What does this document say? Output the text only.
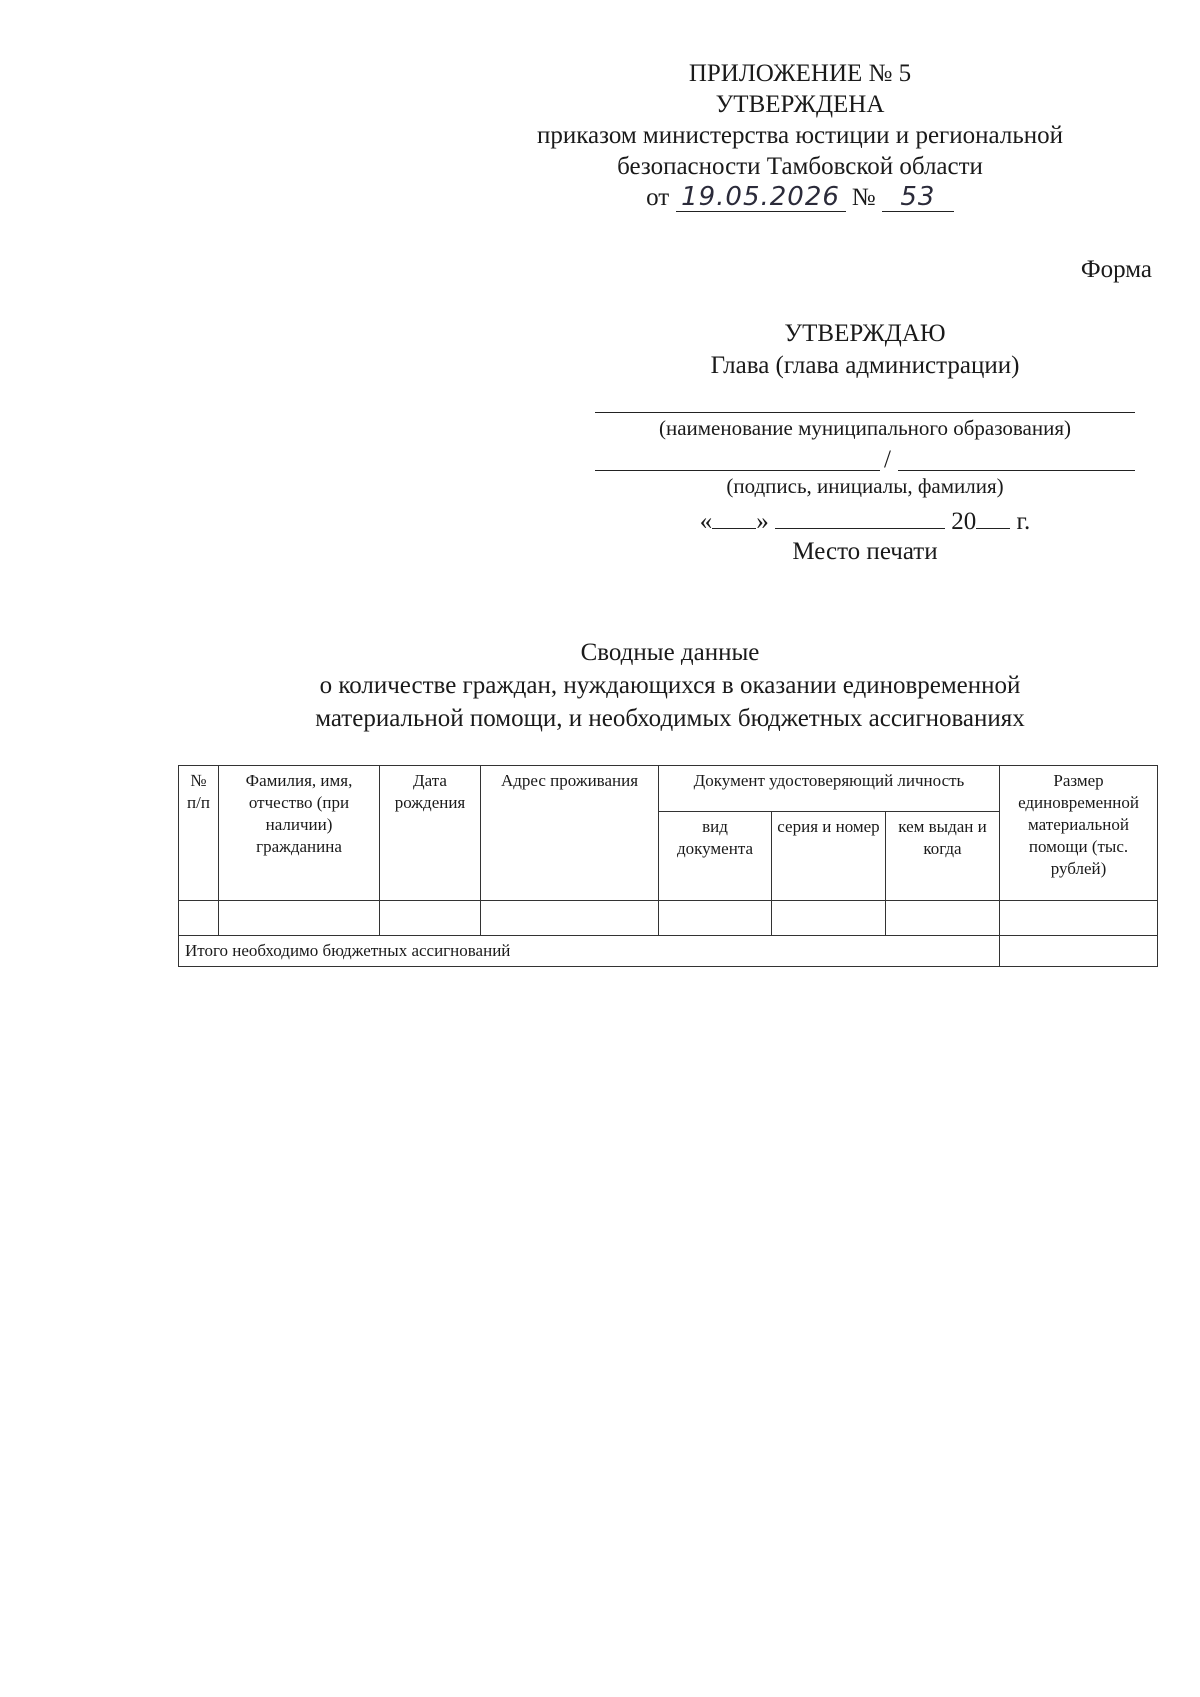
ПРИЛОЖЕНИЕ № 5
УТВЕРЖДЕНА
приказом министерства юстиции и региональной
безопасности Тамбовской области
от 19.05.2026 № 53
Форма
УТВЕРЖДАЮ
Глава (глава администрации)
(наименование муниципального образования)
/
(подпись, инициалы, фамилия)
« »	20 г.
Место печати
Сводные данные
о количестве граждан, нуждающихся в оказании единовременной
материальной помощи, и необходимых бюджетных ассигнованиях
№ п/п	Фамилия, имя, отчество (при наличии) гражданина	Дата рождения	Адрес проживания	Документ удостоверяющий личность			Размер единовременной материальной помощи (тыс. рублей)
				вид документа	серия и номер	кем выдан и когда	

Итого необходимо бюджетных ассигнований							
